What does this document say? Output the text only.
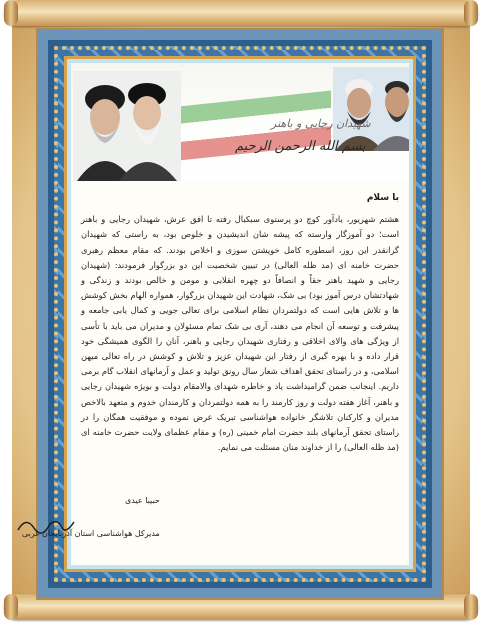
شهیدان رجایی و باهنر
بسم الله الرحمن الرحیم

با سلام

هشتم شهریور، یادآور کوچ دو پرستوی سبکبال رفته تا افق عرش، شهیدان رجایی و باهنر است؛ دو آموزگار وارسته که پیشه شان اندیشیدن و خلوص بود، به راستی که شهیدان گرانقدر این روز، اسطوره کامل خویشتن سوزی و اخلاص بودند. که مقام معظم رهبری حضرت خامنه ای (مد ظله العالی) در تبیین شخصیت این دو بزرگوار فرمودند: (شهیدان رجایی و شهید باهنر حقاً و انصافاً دو چهره انقلابی و مومن و خالص بودند و زندگی و شهادتشان درس آموز بود) بی شک، شهادت این شهیدان بزرگوار، همواره الهام بخش کوشش ها و تلاش هایی است که دولتمردان نظام اسلامی برای تعالی جویی و کمال یابی جامعه و پیشرفت و توسعه آن انجام می دهند، آری بی شک تمام مسئولان و مدیران می باید با تأسی از ویژگی های والای اخلاقی و رفتاری شهیدان رجایی و باهنر، آنان را الگوی همیشگی خود قرار داده و با بهره گیری از رفتار این شهیدان عزیز و تلاش و کوشش در راه تعالی میهن اسلامی، و در راستای تحقق اهداف شعار سال رونق تولید و عمل و آرمانهای انقلاب گام برمی داریم. اینجانب ضمن گرامیداشت یاد و خاطره شهدای والامقام دولت و بویژه شهیدان رجایی و باهنر، آغاز هفته دولت و روز کارمند را به همه دولتمردان و کارمندان خدوم و متعهد بالاخص مدیران و کارکنان تلاشگر خانواده هواشناسی تبریک عرض نموده و موفقیت همگان را در راستای تحقق آرمانهای بلند حضرت امام خمینی (ره) و مقام عظمای ولایت حضرت خامنه ای (مد ظله العالی) را از خداوند منان مسئلت می نمایم.

حبیبا عیدی
مدیرکل هواشناسی استان آذربایجان غربی
